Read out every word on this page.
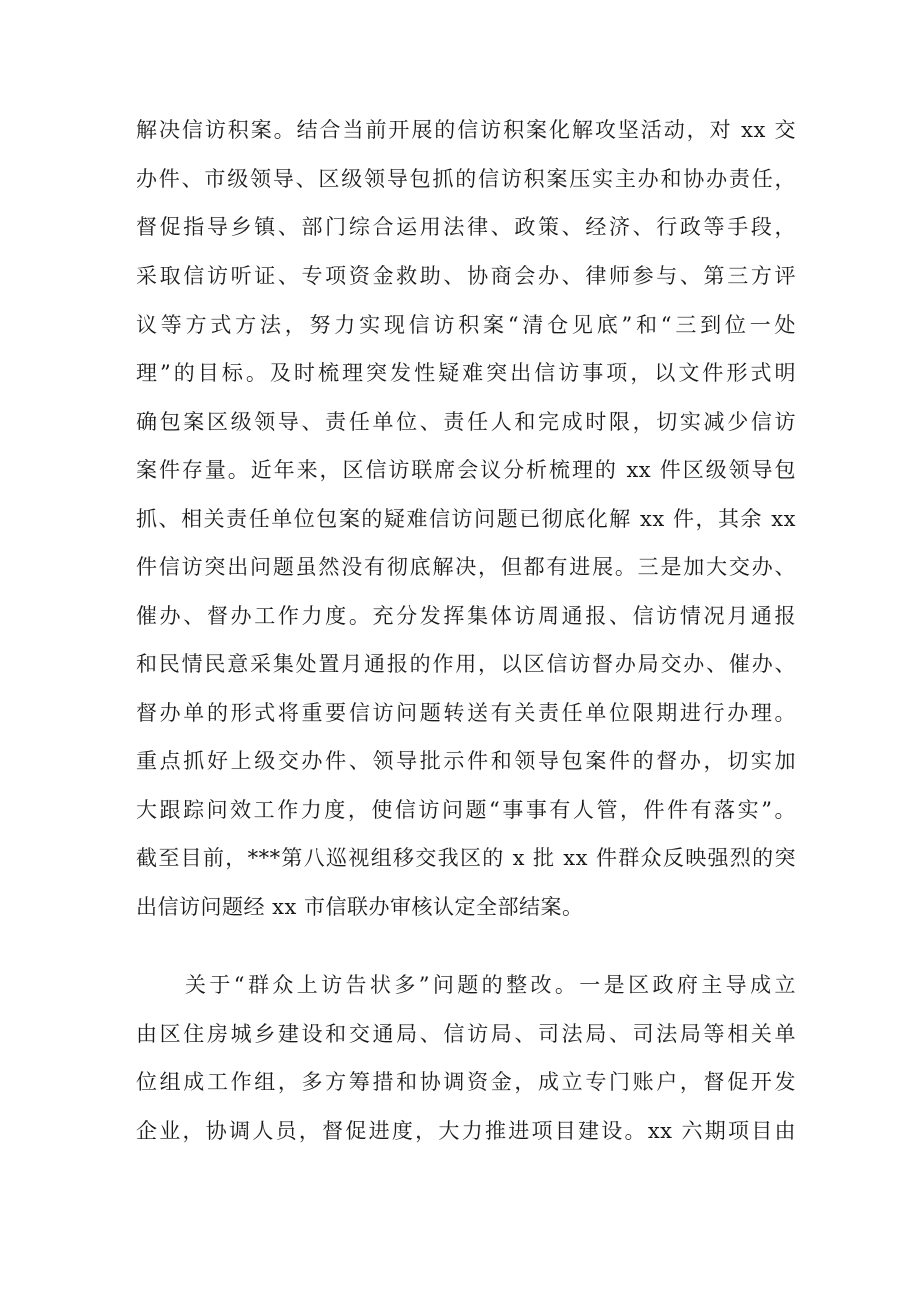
解决信访积案。结合当前开展的信访积案化解攻坚活动，对 xx 交
办件、市级领导、区级领导包抓的信访积案压实主办和协办责任，
督促指导乡镇、部门综合运用法律、政策、经济、行政等手段，
采取信访听证、专项资金救助、协商会办、律师参与、第三方评
议等方式方法，努力实现信访积案“清仓见底”和“三到位一处
理”的目标。及时梳理突发性疑难突出信访事项，以文件形式明
确包案区级领导、责任单位、责任人和完成时限，切实减少信访
案件存量。近年来，区信访联席会议分析梳理的 xx 件区级领导包
抓、相关责任单位包案的疑难信访问题已彻底化解 xx 件，其余 xx
件信访突出问题虽然没有彻底解决，但都有进展。三是加大交办、
催办、督办工作力度。充分发挥集体访周通报、信访情况月通报
和民情民意采集处置月通报的作用，以区信访督办局交办、催办、
督办单的形式将重要信访问题转送有关责任单位限期进行办理。
重点抓好上级交办件、领导批示件和领导包案件的督办，切实加
大跟踪问效工作力度，使信访问题“事事有人管，件件有落实”。
截至目前，***第八巡视组移交我区的 x 批 xx 件群众反映强烈的突
出信访问题经 xx 市信联办审核认定全部结案。
关于“群众上访告状多”问题的整改。一是区政府主导成立
由区住房城乡建设和交通局、信访局、司法局、司法局等相关单
位组成工作组，多方筹措和协调资金，成立专门账户，督促开发
企业，协调人员，督促进度，大力推进项目建设。xx 六期项目由
